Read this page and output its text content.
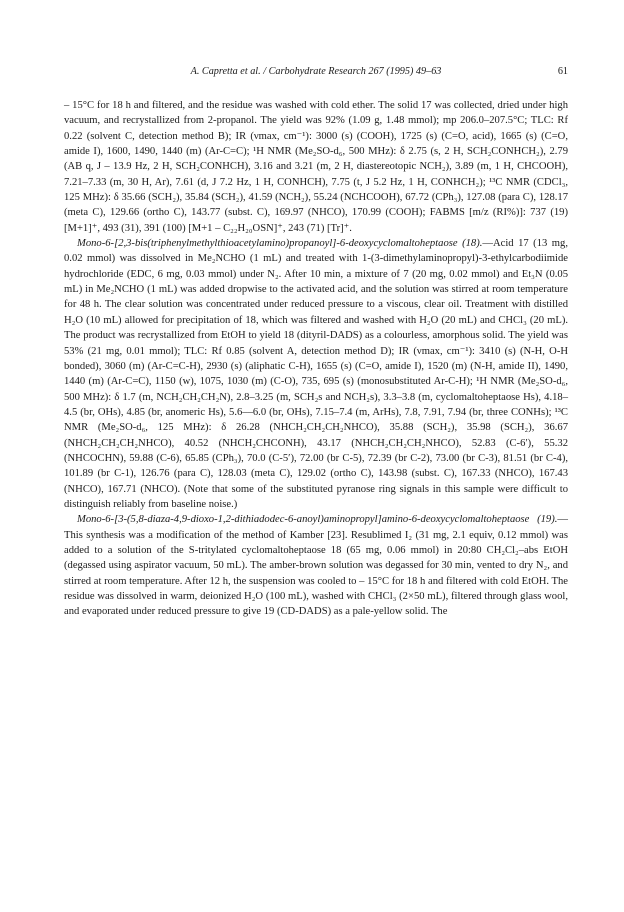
A. Capretta et al. / Carbohydrate Research 267 (1995) 49–63	61

– 15°C for 18 h and filtered, and the residue was washed with cold ether. The solid 17 was collected, dried under high vacuum, and recrystallized from 2-propanol. The yield was 92% (1.09 g, 1.48 mmol); mp 206.0–207.5°C; TLC: Rf 0.22 (solvent C, detection method B); IR (νmax, cm⁻¹): 3000 (s) (COOH), 1725 (s) (C=O, acid), 1665 (s) (C=O, amide I), 1600, 1490, 1440 (m) (Ar-C=C); ¹H NMR (Me₂SO-d₆, 500 MHz): δ 2.75 (s, 2 H, SCH₂CONHCH₂), 2.79 (AB q, J – 13.9 Hz, 2 H, SCH₂CONHCH), 3.16 and 3.21 (m, 2 H, diastereotopic NCH₂), 3.89 (m, 1 H, CHCOOH), 7.21–7.33 (m, 30 H, Ar), 7.61 (d, J 7.2 Hz, 1 H, CONHCH), 7.75 (t, J 5.2 Hz, 1 H, CONHCH₂); ¹³C NMR (CDCl₃, 125 MHz): δ 35.66 (SCH₂), 35.84 (SCH₂), 41.59 (NCH₂), 55.24 (NCHCOOH), 67.72 (CPh₃), 127.08 (para C), 128.17 (meta C), 129.66 (ortho C), 143.77 (subst. C), 169.97 (NHCO), 170.99 (COOH); FABMS [m/z (RI%)]: 737 (19) [M+1]⁺, 493 (31), 391 (100) [M+1 – C₂₂H₂₀OSN]⁺, 243 (71) [Tr]⁺.

Mono-6-[2,3-bis(triphenylmethylthioacetylamino)propanoyl]-6-deoxycyclomaltoheptaose (18).—Acid 17 (13 mg, 0.02 mmol) was dissolved in Me₂NCHO (1 mL) and treated with 1-(3-dimethylaminopropyl)-3-ethylcarbodiimide hydrochloride (EDC, 6 mg, 0.03 mmol) under N₂. After 10 min, a mixture of 7 (20 mg, 0.02 mmol) and Et₃N (0.05 mL) in Me₂NCHO (1 mL) was added dropwise to the activated acid, and the solution was stirred at room temperature for 48 h. The clear solution was concentrated under reduced pressure to a viscous, clear oil. Treatment with distilled H₂O (10 mL) allowed for precipitation of 18, which was filtered and washed with H₂O (20 mL) and CHCl₃ (20 mL). The product was recrystallized from EtOH to yield 18 (dityril-DADS) as a colourless, amorphous solid. The yield was 53% (21 mg, 0.01 mmol); TLC: Rf 0.85 (solvent A, detection method D); IR (νmax, cm⁻¹): 3410 (s) (N-H, O-H bonded), 3060 (m) (Ar-C=C-H), 2930 (s) (aliphatic C-H), 1655 (s) (C=O, amide I), 1520 (m) (N-H, amide II), 1490, 1440 (m) (Ar-C=C), 1150 (w), 1075, 1030 (m) (C-O), 735, 695 (s) (monosubstituted Ar-C-H); ¹H NMR (Me₂SO-d₆, 500 MHz): δ 1.7 (m, NCH₂CH₂CH₂N), 2.8–3.25 (m, SCH₂s and NCH₂s), 3.3–3.8 (m, cyclomaltoheptaose Hs), 4.18–4.5 (br, OHs), 4.85 (br, anomeric Hs), 5.6––6.0 (br, OHs), 7.15–7.4 (m, ArHs), 7.8, 7.91, 7.94 (br, three CONHs); ¹³C NMR (Me₂SO-d₆, 125 MHz): δ 26.28 (NHCH₂CH₂CH₂NHCO), 35.88 (SCH₂), 35.98 (SCH₂), 36.67 (NHCH₂CH₂CH₂NHCO), 40.52 (NHCH₂CHCONH), 43.17 (NHCH₂CH₂CH₂NHCO), 52.83 (C-6′), 55.32 (NHCOCHN), 59.88 (C-6), 65.85 (CPh₃), 70.0 (C-5′), 72.00 (br C-5), 72.39 (br C-2), 73.00 (br C-3), 81.51 (br C-4), 101.89 (br C-1), 126.76 (para C), 128.03 (meta C), 129.02 (ortho C), 143.98 (subst. C), 167.33 (NHCO), 167.43 (NHCO), 167.71 (NHCO). (Note that some of the substituted pyranose ring signals in this sample were difficult to distinguish reliably from baseline noise.)

Mono-6-[3-(5,8-diaza-4,9-dioxo-1,2-dithiadodec-6-anoyl)aminopropyl]amino-6-deoxycyclomaltoheptaose (19).—This synthesis was a modification of the method of Kamber [23]. Resublimed I₂ (31 mg, 2.1 equiv, 0.12 mmol) was added to a solution of the S-tritylated cyclomaltoheptaose 18 (65 mg, 0.06 mmol) in 20:80 CH₂Cl₂–abs EtOH (degassed using aspirator vacuum, 50 mL). The amber-brown solution was degassed for 30 min, vented to dry N₂, and stirred at room temperature. After 12 h, the suspension was cooled to – 15°C for 18 h and filtered with cold EtOH. The residue was dissolved in warm, deionized H₂O (100 mL), washed with CHCl₃ (2×50 mL), filtered through glass wool, and evaporated under reduced pressure to give 19 (CD-DADS) as a pale-yellow solid. The
